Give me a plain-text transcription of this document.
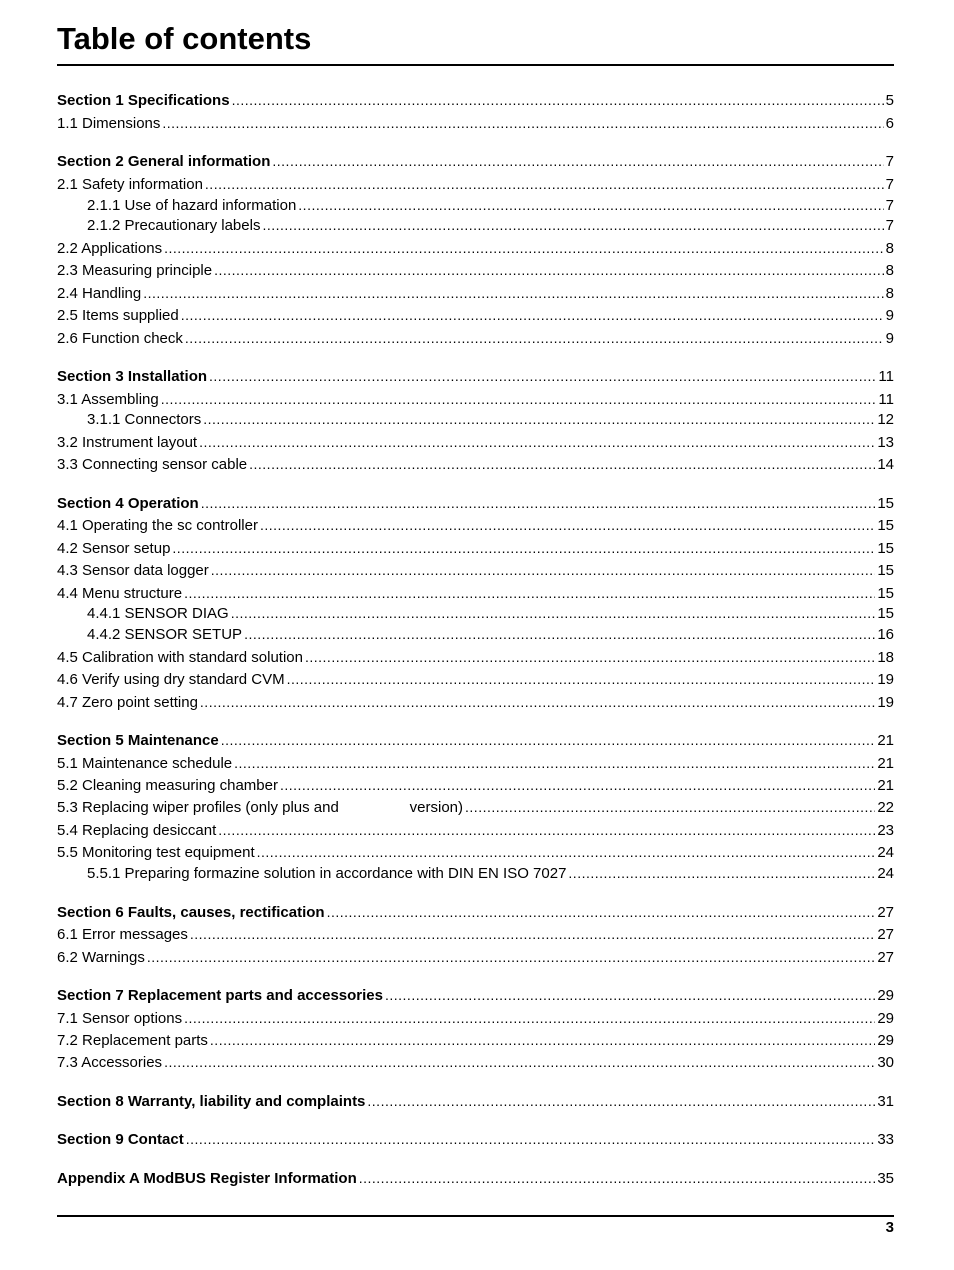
Table of contents
Section 1 Specifications .....	5
1.1 Dimensions .....	6
Section 2 General information .....	7
2.1 Safety information .....	7
2.1.1 Use of hazard information .....	7
2.1.2 Precautionary labels .....	7
2.2 Applications .....	8
2.3 Measuring principle .....	8
2.4 Handling .....	8
2.5 Items supplied .....	9
2.6 Function check .....	9
Section 3 Installation .....	11
3.1 Assembling .....	11
3.1.1 Connectors .....	12
3.2 Instrument layout .....	13
3.3 Connecting sensor cable .....	14
Section 4 Operation .....	15
4.1 Operating the sc controller .....	15
4.2 Sensor setup .....	15
4.3 Sensor data logger .....	15
4.4 Menu structure .....	15
4.4.1 SENSOR DIAG .....	15
4.4.2 SENSOR SETUP .....	16
4.5 Calibration with standard solution .....	18
4.6 Verify using dry standard CVM .....	19
4.7 Zero point setting .....	19
Section 5 Maintenance .....	21
5.1 Maintenance schedule .....	21
5.2 Cleaning measuring chamber .....	21
5.3 Replacing wiper profiles (only plus and                 version) .....	22
5.4 Replacing desiccant .....	23
5.5 Monitoring test equipment .....	24
5.5.1 Preparing formazine solution in accordance with DIN EN ISO 7027 .....	24
Section 6 Faults, causes, rectification .....	27
6.1 Error messages .....	27
6.2 Warnings .....	27
Section 7 Replacement parts and accessories .....	29
7.1 Sensor options .....	29
7.2 Replacement parts .....	29
7.3 Accessories .....	30
Section 8 Warranty, liability and complaints .....	31
Section 9 Contact .....	33
Appendix A ModBUS Register Information .....	35
3
